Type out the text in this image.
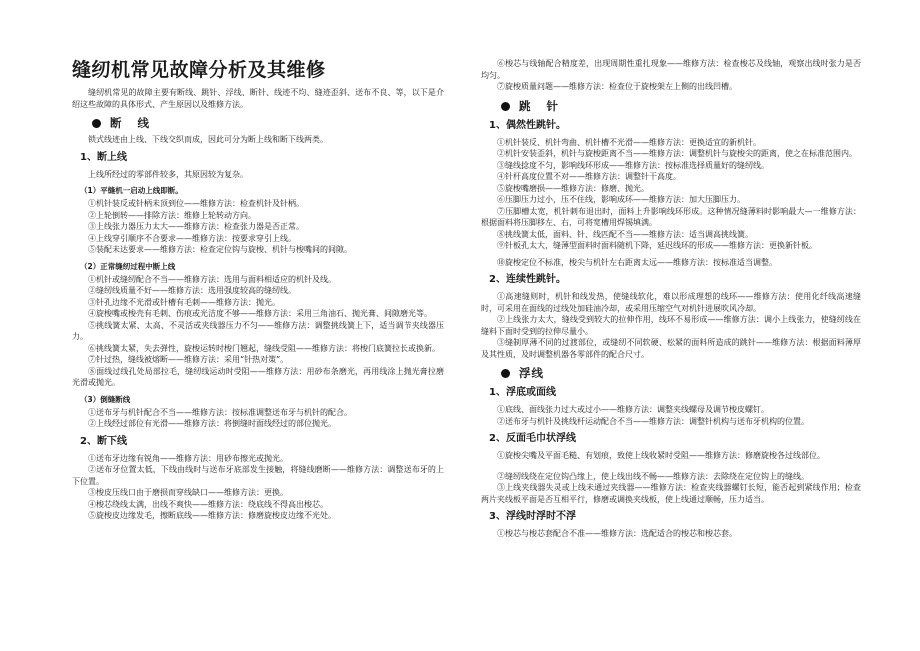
缝纫机常见故障分析及其维修

缝纫机常见的故障主要有断线、跳针、浮线、断针、线迹不均、缝迹歪斜、送布不良、等，以下是介绍这些故障的具体形式、产生原因以及维修方法。

断 线

锁式线迹由上线、下线交织而成，因此可分为断上线和断下线两类。

1、断上线

上线所经过的零部件较多，其原因较为复杂。

（1）平缝机一启动上线即断。

①机针装反或针柄未顶到位——维修方法：检查机针及针柄。

②上轮倒转——排除方法：维修上轮转动方向。

③上线张力器压力太大——维修方法：检查张力器是否正常。

④上线穿引顺序不合要求——维修方法：按要求穿引上线。

⑤装配未达要求——维修方法：检查定位钩与旋梭、机针与梭嘴间的间隙。

（2）正常缝纫过程中断上线

①机针或缝纫配合不当——维修方法：选用与面料相适应的机针及线。

②缝纫线质量不好——维修方法：选用强度较高的缝纫线。

③针孔边缘不光滑或针槽有毛刺——维修方法：抛光。

④旋梭嘴或梭壳有毛刺、伤痕或光洁度不够——维修方法：采用三角油石、抛光膏、间隙磨光等。

⑤挑线簧太紧、太高、不灵活或夹线器压力不匀——维修方法：调整挑线簧上下，适当调节夹线器压力。

⑥挑线簧太紧，失去弹性，旋梭运转时梭门翘起，缝线受阻——维修方法：将梭门底簧拉长或换新。

⑦针过热，缝线被熔断——维修方法：采用“针热对策”。

⑧面线过线孔处局部拉毛，缝纫线运动时受阻——维修方法：用砂布条磨光，再用线涂上抛光膏拉磨光滑或抛光。

（3）倒缝断线

①送布牙与机针配合不当——维修方法：按标准调整送布牙与机针的配合。

②上线经过部位有光滑——维修方法：将倒缝时面线经过的部位抛光。

2、断下线

①送布牙边缘有锐角——维修方法：用砂布擦光或抛光。

②送布牙位置太低，下线由线时与送布牙底部发生接触，将缝线磨断——维修方法：调整送布牙的上下位置。

③梭皮压线口由于磨损而穿线缺口——维修方法：更换。

④梭芯绕线太满，出线不爽快——维修方法：绕底线不得高出梭芯。

⑤旋梭皮边缘发毛，擦断底线——维修方法：修磨旋梭皮边缘不光处。

⑥梭芯与线轴配合精度差，出现周期性重扎现象——维修方法：检查梭芯及线轴，观察出线时张力是否均匀。

⑦旋梭质量问题——维修方法：检查位于旋梭架左上侧的出线凹槽。

跳 针
1、偶然性跳针。

①机针装反、机针弯曲、机针槽不光滑——维修方法：更换适宜的新机针。

②机针安装歪斜，机针与旋梭距离不当——维修方法：调整机针与旋梭尖的距离，使之在标准范围内。

③缝线捻度不匀，影响线环形成——维修方法：按标准选择质量好的缝纫线。

④针杆高度位置不对——维修方法：调整针干高度。

⑤旋梭嘴磨损——维修方法：修磨、抛光。

⑥压脚压力过小，压不住线，影响成环——维修方法：加大压脚压力。

⑦压脚槽太宽，机针刺布退出时，面料上升影响线环形成。这种情况缝薄料时影响最大—一维修方法：根据面料将压脚移左、右，可将宽槽用焊锡填满。

⑧挑线簧太低，面料、针、线匹配不当——维修方法：适当调高挑线簧。

⑨针板孔太大，缝薄型面料时面料随机下降，延迟线环的形成——维修方法：更换新针板。

⑩旋梭定位不标准，梭尖与机针左右距离太远——维修方法：按标准适当调整。

2、连续性跳针。

①高速缝则时，机针和线发热，使缝线软化，难以形成理想的线环——维修方法：使用化纤线高速缝时，可采用在面线的过线处加硅油冷却，或采用压缩空气对机针进展吹风冷却。

②上线张力太大，缝线受到较大的拉伸作用，线环不易形成——维修方法：调小上线张力，使缝纫线在缝料下面时受到的拉伸尽量小。

③缝制厚薄不同的过渡部位，或缝纫不同软硬、松紧的面料所造成的跳针——维修方法：根据面料薄厚及其性质，及时调整机器各零部件的配合尺寸。

浮线
1、浮底或面线

①底线、面线张力过大或过小——维修方法：调整夹线螺母及调节梭皮螺钉。

②送布牙与机针及挑线杆运动配合不当——维修方法：调整针机构与送布牙机构的位置。

2、反面毛巾状浮线

①旋梭尖嘴及平面毛糙、有划痕，致使上线收紧时受阻——维修方法：修磨旋梭各过线部位。

②缝纫线绕在定位钩凸缘上，使上线出线不畅——维修方法：去除绕在定位钩上的缝线。

③上线夹线器失灵或上线未通过夹线器——维修方法：检查夹线器螺钉长短，能否起到紧线作用；检查两片夹线板平面是否互相平行，修磨或调换夹线板，使上线通过顺畅，压力适当。

3、浮线时浮时不浮

①梭芯与梭芯套配合不准——维修方法：选配适合的梭芯和梭芯套。
